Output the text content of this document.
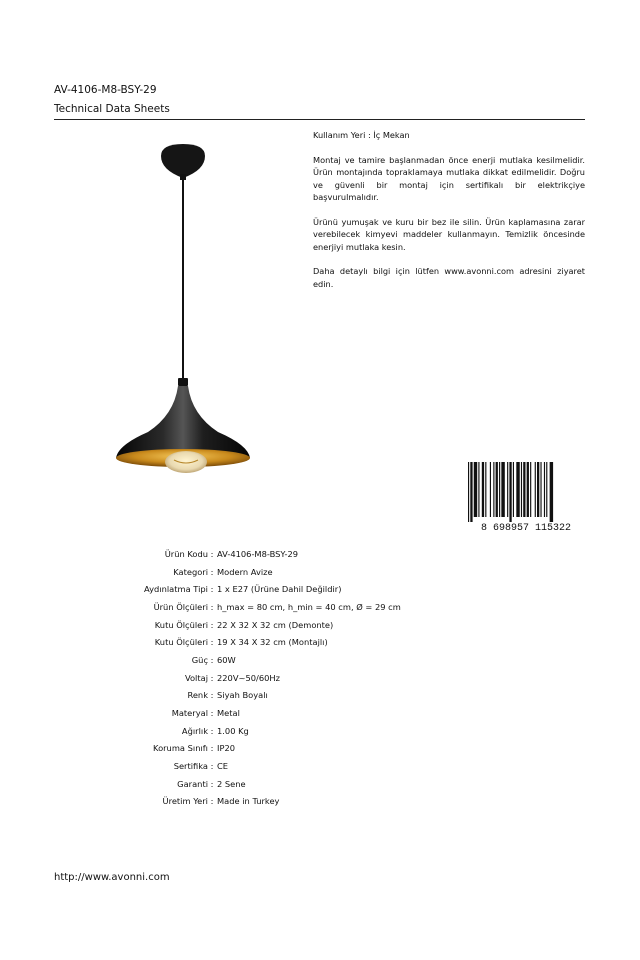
AV-4106-M8-BSY-29
Technical Data Sheets

Kullanım Yeri : İç Mekan

Montaj ve tamire başlanmadan önce enerji mutlaka kesilmelidir. Ürün montajında topraklamaya mutlaka dikkat edilmelidir. Doğru ve güvenli bir montaj için sertifikalı bir elektrikçiye başvurulmalıdır.

Ürünü yumuşak ve kuru bir bez ile silin. Ürün kaplamasına zarar verebilecek kimyevi maddeler kullanmayın. Temizlik öncesinde enerjiyi mutlaka kesin.

Daha detaylı bilgi için lütfen www.avonni.com adresini ziyaret edin.

8 698957 115322
Ürün Kodu : AV-4106-M8-BSY-29
Kategori : Modern Avize
Aydınlatma Tipi : 1 x E27 (Ürüne Dahil Değildir)
Ürün Ölçüleri : h_max = 80 cm, h_min = 40 cm, Ø = 29 cm
Kutu Ölçüleri : 22 X 32 X 32 cm (Demonte)
Kutu Ölçüleri : 19 X 34 X 32 cm (Montajlı)
Güç : 60W
Voltaj : 220V~50/60Hz
Renk : Siyah Boyalı
Materyal : Metal
Ağırlık : 1.00 Kg
Koruma Sınıfı : IP20
Sertifika : CE
Garanti : 2 Sene
Üretim Yeri : Made in Turkey
http://www.avonni.com
